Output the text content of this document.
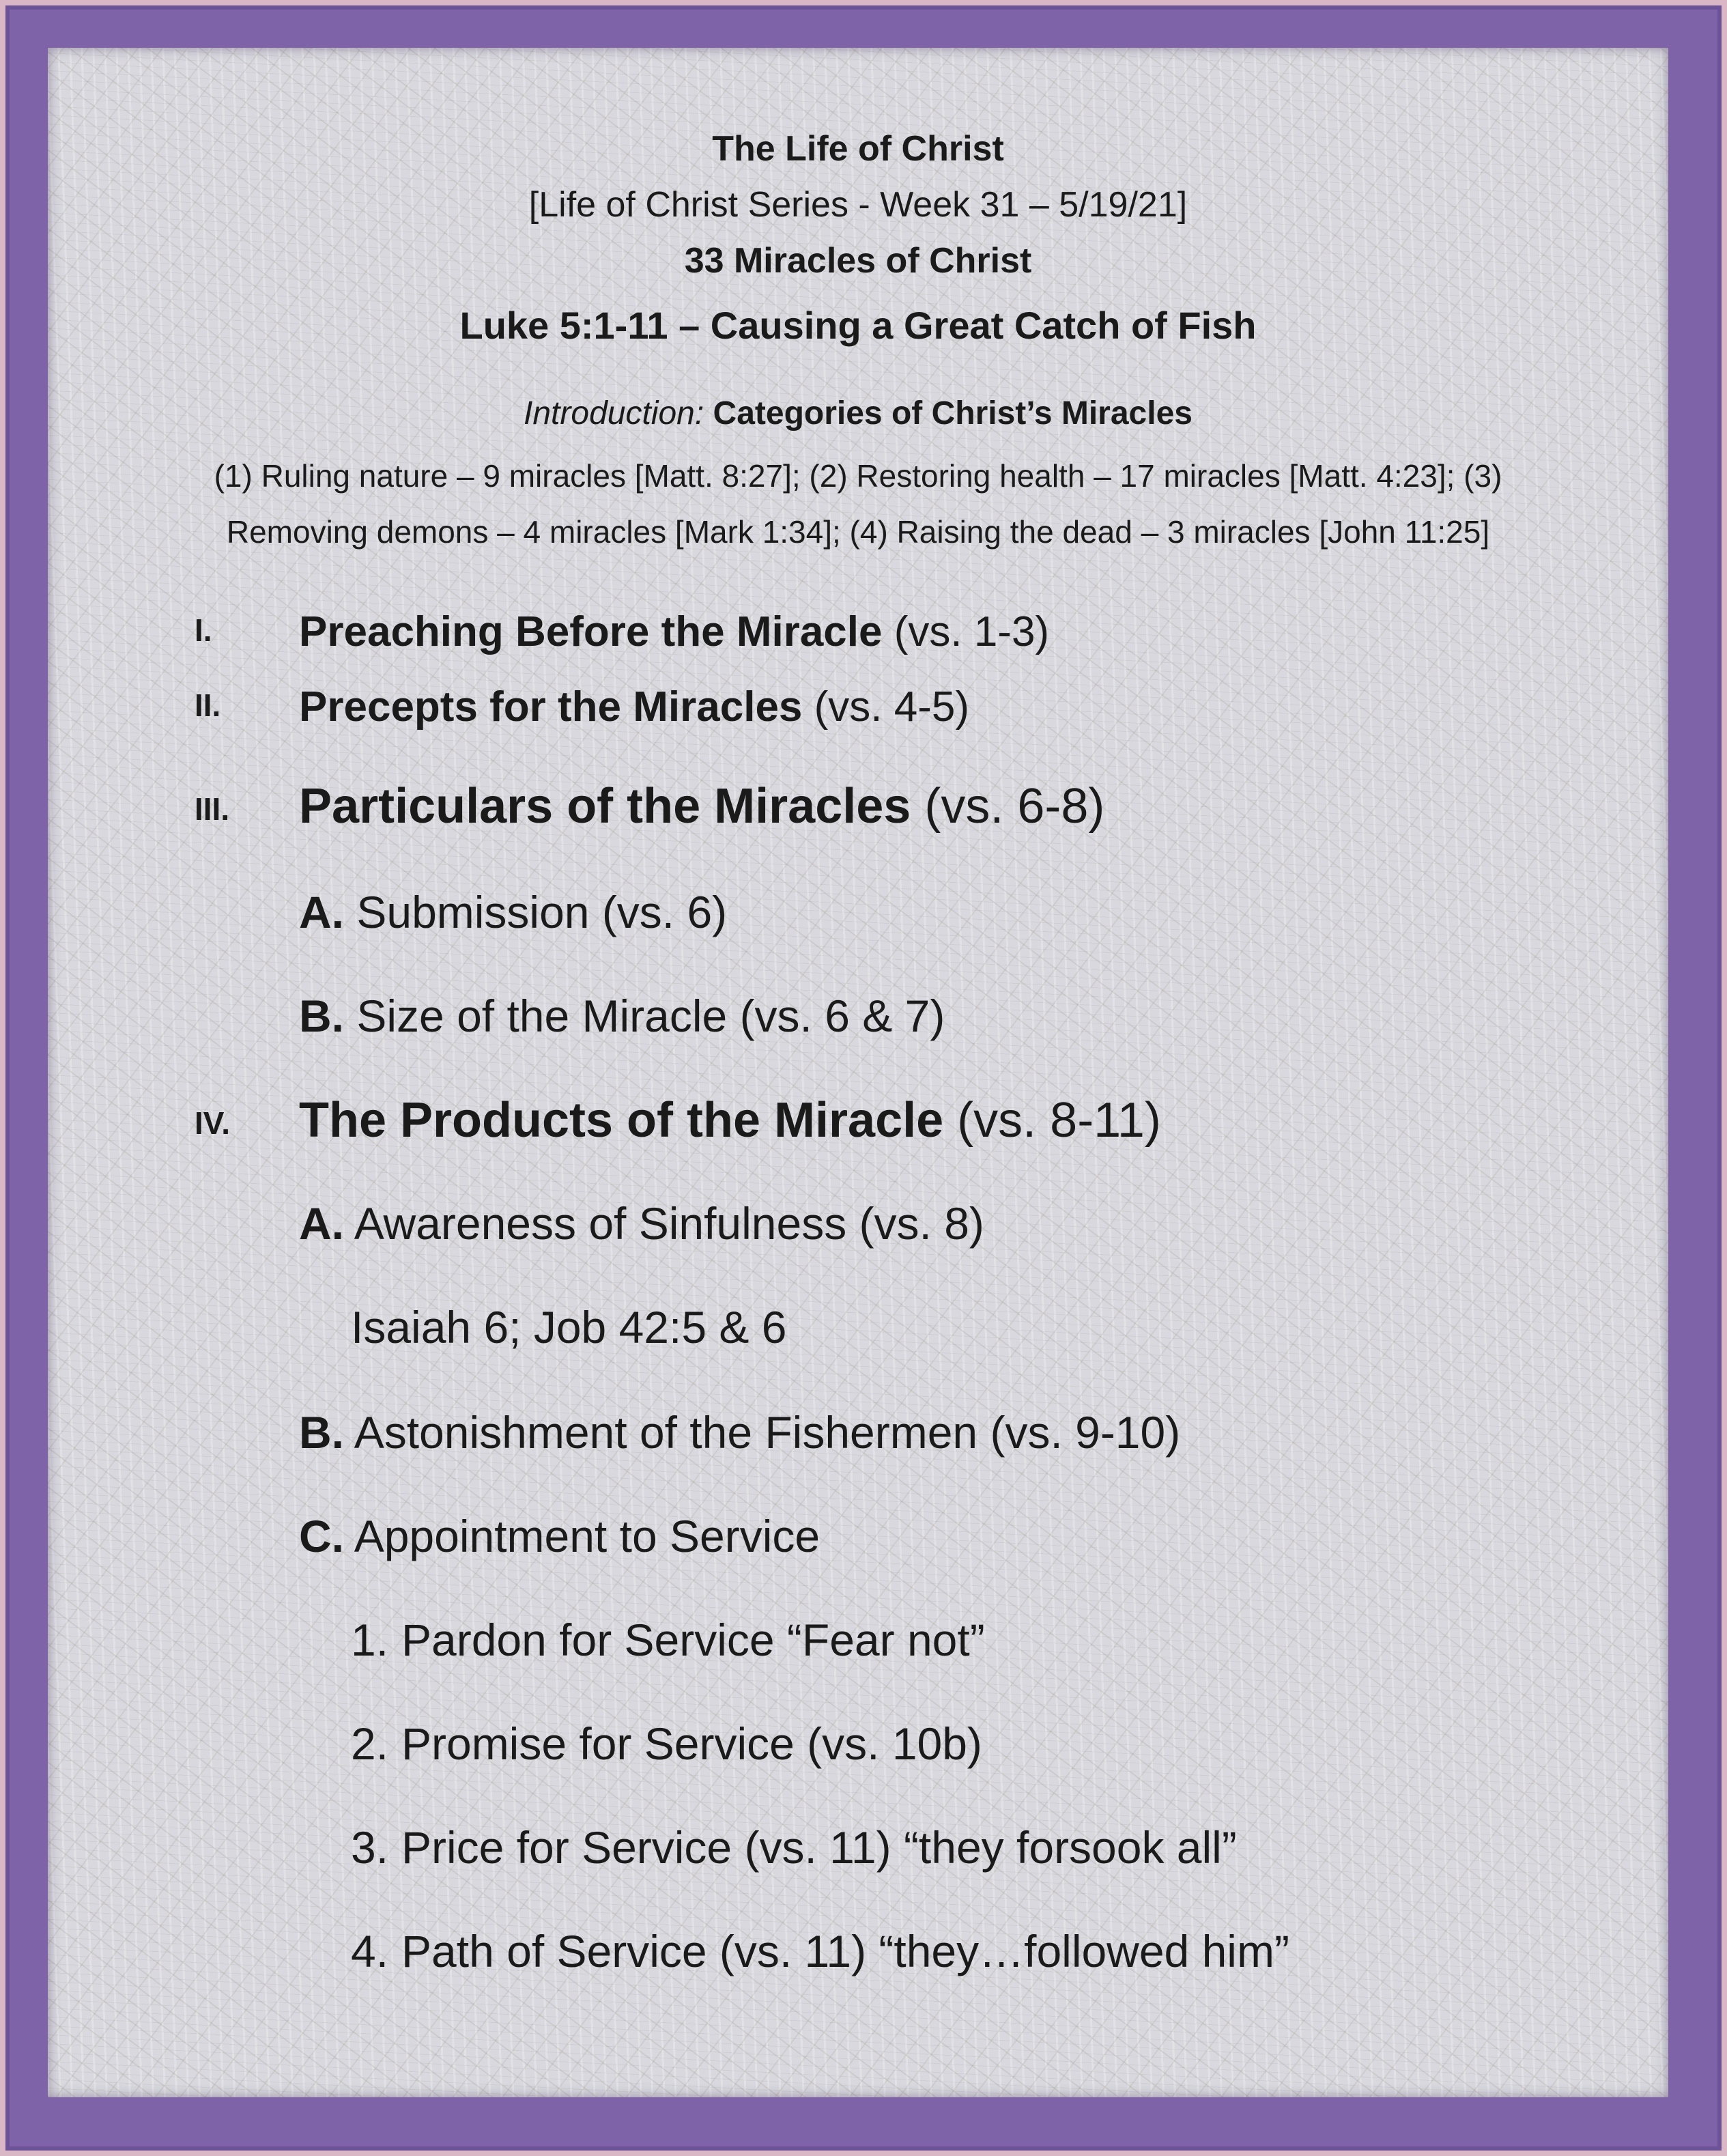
The Life of Christ
[Life of Christ Series - Week 31 – 5/19/21]
33 Miracles of Christ
Luke 5:1-11 – Causing a Great Catch of Fish
Introduction: Categories of Christ’s Miracles
(1) Ruling nature – 9 miracles [Matt. 8:27]; (2) Restoring health – 17 miracles [Matt. 4:23]; (3)
Removing demons – 4 miracles [Mark 1:34]; (4) Raising the dead – 3 miracles [John 11:25]
I. Preaching Before the Miracle (vs. 1-3)
II. Precepts for the Miracles (vs. 4-5)
III. Particulars of the Miracles (vs. 6-8)
A. Submission (vs. 6)
B. Size of the Miracle (vs. 6 & 7)
IV. The Products of the Miracle (vs. 8-11)
A. Awareness of Sinfulness (vs. 8)
Isaiah 6; Job 42:5 & 6
B. Astonishment of the Fishermen (vs. 9-10)
C. Appointment to Service
1. Pardon for Service “Fear not”
2. Promise for Service (vs. 10b)
3. Price for Service (vs. 11) “they forsook all”
4. Path of Service (vs. 11) “they…followed him”
